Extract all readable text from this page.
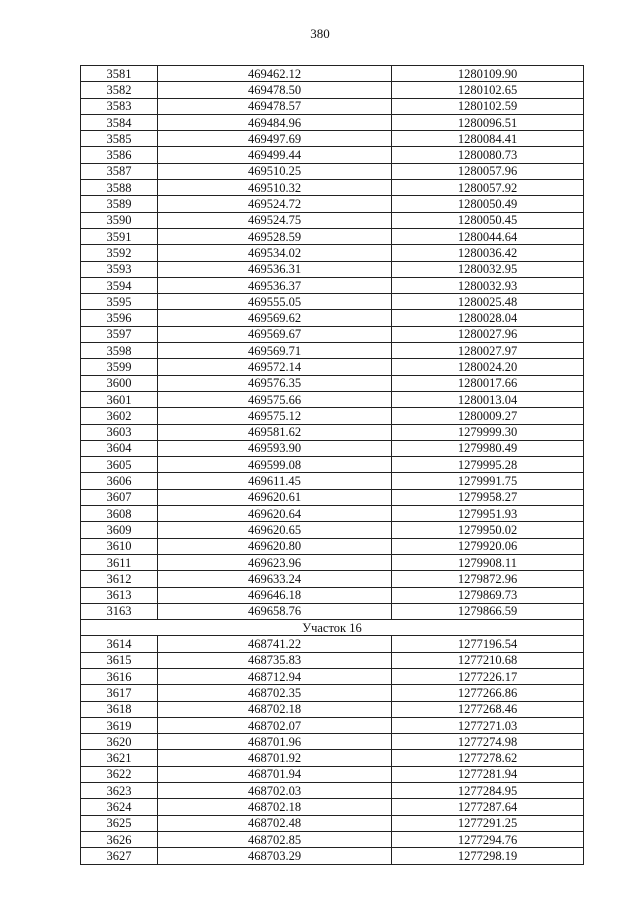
380
3581	469462.12	1280109.90
3582	469478.50	1280102.65
3583	469478.57	1280102.59
3584	469484.96	1280096.51
3585	469497.69	1280084.41
3586	469499.44	1280080.73
3587	469510.25	1280057.96
3588	469510.32	1280057.92
3589	469524.72	1280050.49
3590	469524.75	1280050.45
3591	469528.59	1280044.64
3592	469534.02	1280036.42
3593	469536.31	1280032.95
3594	469536.37	1280032.93
3595	469555.05	1280025.48
3596	469569.62	1280028.04
3597	469569.67	1280027.96
3598	469569.71	1280027.97
3599	469572.14	1280024.20
3600	469576.35	1280017.66
3601	469575.66	1280013.04
3602	469575.12	1280009.27
3603	469581.62	1279999.30
3604	469593.90	1279980.49
3605	469599.08	1279995.28
3606	469611.45	1279991.75
3607	469620.61	1279958.27
3608	469620.64	1279951.93
3609	469620.65	1279950.02
3610	469620.80	1279920.06
3611	469623.96	1279908.11
3612	469633.24	1279872.96
3613	469646.18	1279869.73
3163	469658.76	1279866.59
Участок 16		
3614	468741.22	1277196.54
3615	468735.83	1277210.68
3616	468712.94	1277226.17
3617	468702.35	1277266.86
3618	468702.18	1277268.46
3619	468702.07	1277271.03
3620	468701.96	1277274.98
3621	468701.92	1277278.62
3622	468701.94	1277281.94
3623	468702.03	1277284.95
3624	468702.18	1277287.64
3625	468702.48	1277291.25
3626	468702.85	1277294.76
3627	468703.29	1277298.19
